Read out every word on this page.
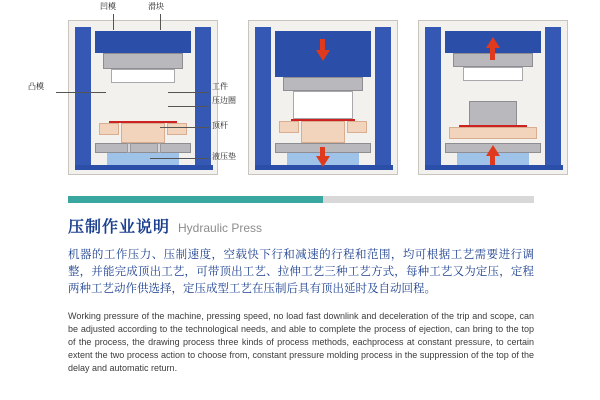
凹模	滑块
凸模	工件
压边圈
顶杆
液压垫
压制作业说明 Hydraulic Press

机器的工作压力、压制速度，空载快下行和减速的行程和范围，均可根据工艺需要进行调整，并能完成顶出工艺，可带顶出工艺、拉伸工艺三种工艺方式，每种工艺又为定压，定程两种工艺动作供选择，定压成型工艺在压制后具有顶出延时及自动回程。

Working pressure of the machine, pressing speed, no load fast downlink and deceleration of the trip and scope, can be adjusted according to the technological needs, and able to complete the process of ejection, can bring to the top of the process, the drawing process three kinds of process methods, eachprocess at constant pressure, to certain extent the two process action to choose from, constant pressure molding process in the suppression of the top of the delay and automatic return.
